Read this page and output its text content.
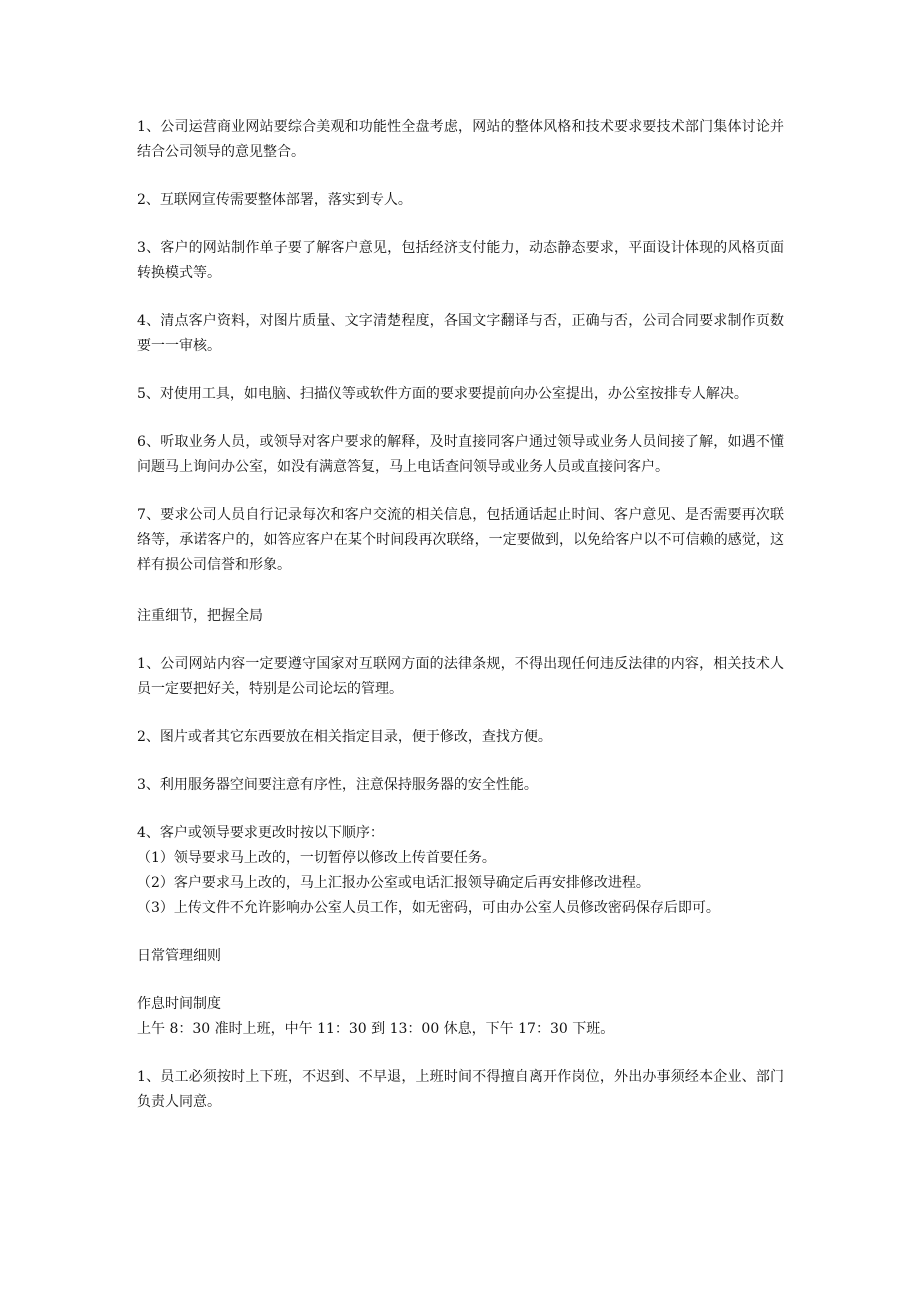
1、公司运营商业网站要综合美观和功能性全盘考虑，网站的整体风格和技术要求要技术部门集体讨论并结合公司领导的意见整合。

2、互联网宣传需要整体部署，落实到专人。

3、客户的网站制作单子要了解客户意见，包括经济支付能力，动态静态要求，平面设计体现的风格页面转换模式等。

4、清点客户资料，对图片质量、文字清楚程度，各国文字翻译与否，正确与否，公司合同要求制作页数要一一审核。

5、对使用工具，如电脑、扫描仪等或软件方面的要求要提前向办公室提出，办公室按排专人解决。

6、听取业务人员，或领导对客户要求的解释，及时直接同客户通过领导或业务人员间接了解，如遇不懂问题马上询问办公室，如没有满意答复，马上电话查问领导或业务人员或直接问客户。

7、要求公司人员自行记录每次和客户交流的相关信息，包括通话起止时间、客户意见、是否需要再次联络等，承诺客户的，如答应客户在某个时间段再次联络，一定要做到，以免给客户以不可信赖的感觉，这样有损公司信誉和形象。

注重细节，把握全局

1、公司网站内容一定要遵守国家对互联网方面的法律条规，不得出现任何违反法律的内容，相关技术人员一定要把好关，特别是公司论坛的管理。

2、图片或者其它东西要放在相关指定目录，便于修改，查找方便。

3、利用服务器空间要注意有序性，注意保持服务器的安全性能。

4、客户或领导要求更改时按以下顺序：

（1）领导要求马上改的，一切暂停以修改上传首要任务。

（2）客户要求马上改的，马上汇报办公室或电话汇报领导确定后再安排修改进程。

（3）上传文件不允许影响办公室人员工作，如无密码，可由办公室人员修改密码保存后即可。

日常管理细则

作息时间制度

上午 8：30 准时上班，中午 11：30 到 13：00 休息，下午 17：30 下班。

1、员工必须按时上下班，不迟到、不早退，上班时间不得擅自离开作岗位，外出办事须经本企业、部门负责人同意。
